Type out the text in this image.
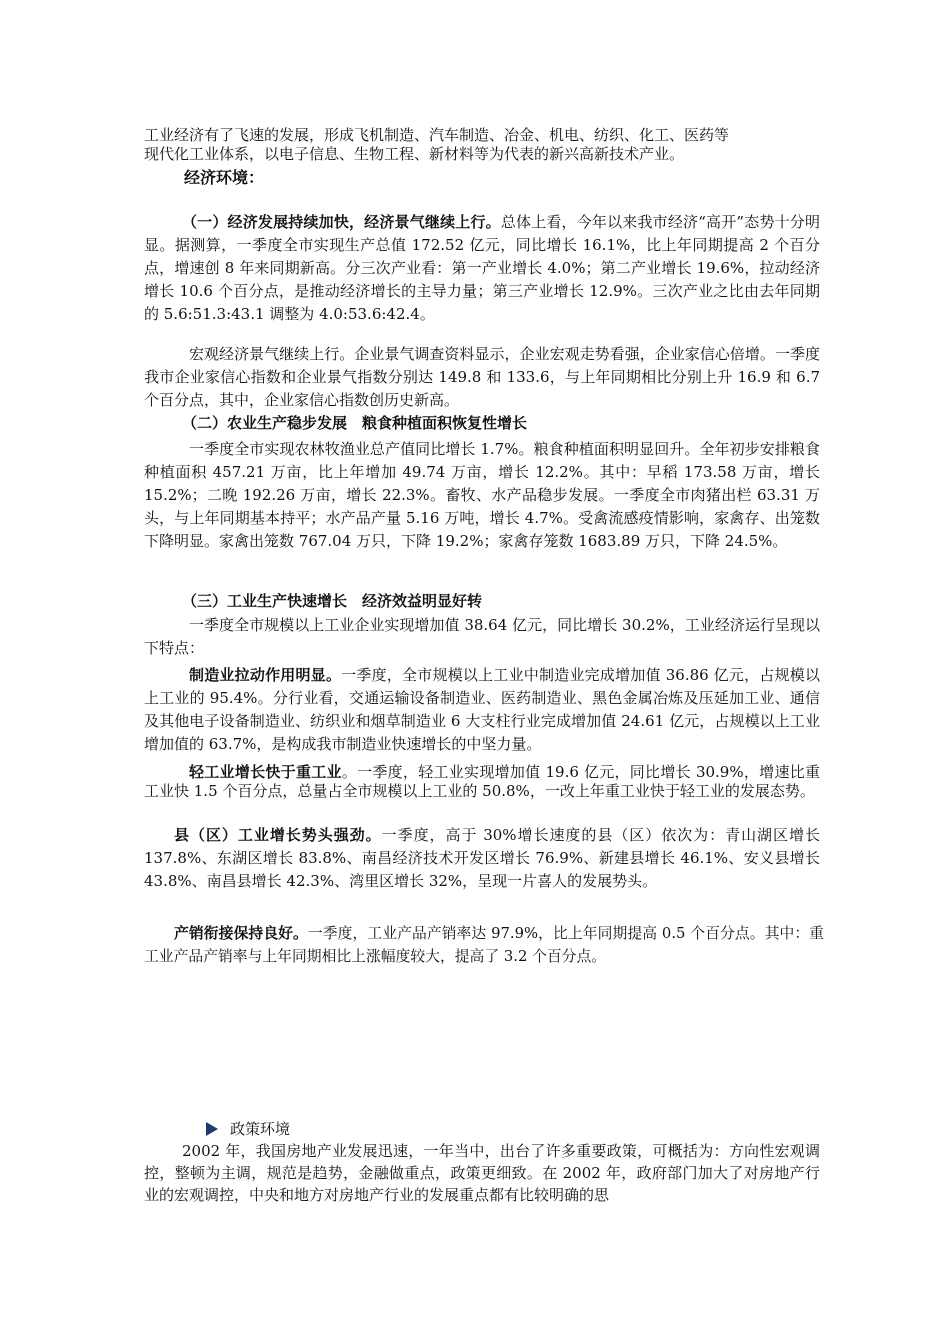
工业经济有了飞速的发展，形成飞机制造、汽车制造、冶金、机电、纺织、化工、医药等

现代化工业体系，以电子信息、生物工程、新材料等为代表的新兴高新技术产业。

经济环境：

（一）经济发展持续加快，经济景气继续上行。总体上看，今年以来我市经济“高开”态势十分明显。据测算，一季度全市实现生产总值 172.52 亿元，同比增长 16.1%，比上年同期提高 2 个百分点，增速创 8 年来同期新高。分三次产业看：第一产业增长 4.0%；第二产业增长 19.6%，拉动经济增长 10.6 个百分点，是推动经济增长的主导力量；第三产业增长 12.9%。三次产业之比由去年同期的 5.6:51.3:43.1 调整为 4.0:53.6:42.4。

宏观经济景气继续上行。企业景气调查资料显示，企业宏观走势看强，企业家信心倍增。一季度我市企业家信心指数和企业景气指数分别达 149.8 和 133.6，与上年同期相比分别上升 16.9 和 6.7 个百分点，其中，企业家信心指数创历史新高。

（二）农业生产稳步发展　粮食种植面积恢复性增长

一季度全市实现农林牧渔业总产值同比增长 1.7%。粮食种植面积明显回升。全年初步安排粮食种植面积 457.21 万亩，比上年增加 49.74 万亩，增长 12.2%。其中：早稻 173.58 万亩，增长 15.2%；二晚 192.26 万亩，增长 22.3%。畜牧、水产品稳步发展。一季度全市肉猪出栏 63.31 万头，与上年同期基本持平；水产品产量 5.16 万吨，增长 4.7%。受禽流感疫情影响，家禽存、出笼数下降明显。家禽出笼数 767.04 万只，下降 19.2%；家禽存笼数 1683.89 万只，下降 24.5%。

（三）工业生产快速增长　经济效益明显好转

一季度全市规模以上工业企业实现增加值 38.64 亿元，同比增长 30.2%，工业经济运行呈现以下特点：

制造业拉动作用明显。一季度，全市规模以上工业中制造业完成增加值 36.86 亿元，占规模以上工业的 95.4%。分行业看，交通运输设备制造业、医药制造业、黑色金属冶炼及压延加工业、通信及其他电子设备制造业、纺织业和烟草制造业 6 大支柱行业完成增加值 24.61 亿元，占规模以上工业增加值的 63.7%，是构成我市制造业快速增长的中坚力量。

轻工业增长快于重工业。一季度，轻工业实现增加值 19.6 亿元，同比增长 30.9%，增速比重工业快 1.5 个百分点，总量占全市规模以上工业的 50.8%，一改上年重工业快于轻工业的发展态势。

县（区）工业增长势头强劲。一季度，高于 30%增长速度的县（区）依次为：青山湖区增长 137.8%、东湖区增长 83.8%、南昌经济技术开发区增长 76.9%、新建县增长 46.1%、安义县增长 43.8%、南昌县增长 42.3%、湾里区增长 32%，呈现一片喜人的发展势头。

产销衔接保持良好。一季度，工业产品产销率达 97.9%，比上年同期提高 0.5 个百分点。其中：重工业产品产销率与上年同期相比上涨幅度较大，提高了 3.2 个百分点。

政策环境

2002 年，我国房地产业发展迅速，一年当中，出台了许多重要政策，可概括为：方向性宏观调控，整顿为主调，规范是趋势，金融做重点，政策更细致。在 2002 年，政府部门加大了对房地产行业的宏观调控，中央和地方对房地产行业的发展重点都有比较明确的思
